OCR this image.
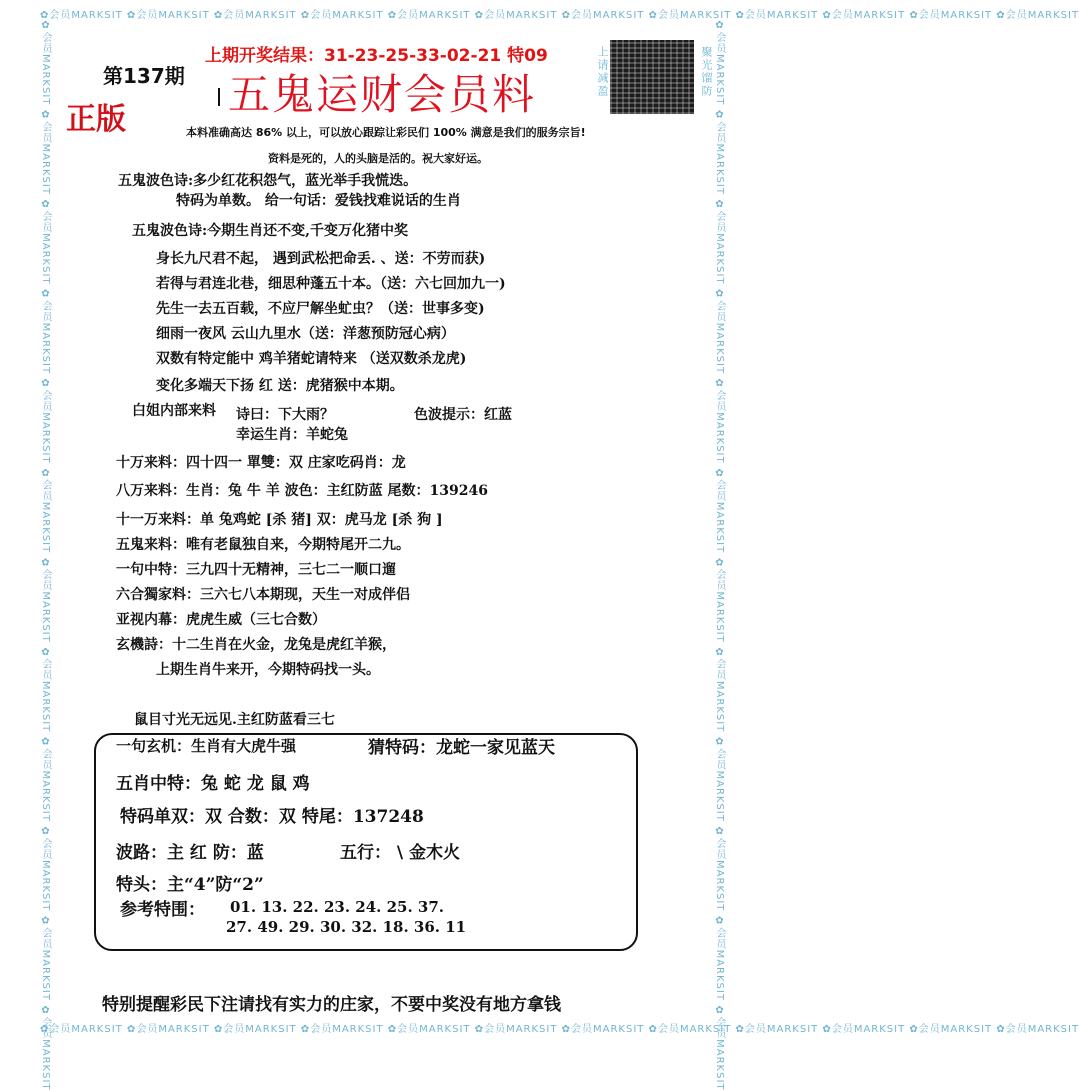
✿会员MARKSIT ✿会员MARKSIT ✿会员MARKSIT ✿会员MARKSIT ✿会员MARKSIT ✿会员MARKSIT ✿会员MARKSIT ✿会员MARKSIT ✿会员MARKSIT ✿会员MARKSIT ✿会员MARKSIT ✿会员MARKSIT
✿会员MARKSIT ✿会员MARKSIT ✿会员MARKSIT ✿会员MARKSIT ✿会员MARKSIT ✿会员MARKSIT ✿会员MARKSIT ✿会员MARKSIT ✿会员MARKSIT ✿会员MARKSIT ✿会员MARKSIT ✿会员MARKSIT
✿会员MARKSIT ✿会员MARKSIT ✿会员MARKSIT ✿会员MARKSIT ✿会员MARKSIT ✿会员MARKSIT ✿会员MARKSIT ✿会员MARKSIT ✿会员MARKSIT ✿会员MARKSIT ✿会员MARKSIT ✿会员MARKSIT	✿会员MARKSIT ✿会员MARKSIT ✿会员MARKSIT ✿会员MARKSIT ✿会员MARKSIT ✿会员MARKSIT ✿会员MARKSIT ✿会员MARKSIT ✿会员MARKSIT ✿会员MARKSIT ✿会员MARKSIT ✿会员MARKSIT
第137期
上期开奖结果：31-23-25-33-02-21 特09
五鬼运财会员料
正版
上请减盈	聚光馏防
本料准确高达 86% 以上，可以放心跟踪让彩民们 100% 满意是我们的服务宗旨!
资料是死的，人的头脑是活的。祝大家好运。
五鬼波色诗:多少红花积怨气，蓝光举手我慌迭。
特码为单数。 给一句话：爱钱找难说话的生肖
五鬼波色诗:今期生肖还不变,千变万化猪中奖
身长九尺君不起， 遇到武松把命丢. 、送：不劳而获)
若得与君连北巷，细思种蓬五十本。（送：六七回加九一)
先生一去五百载，不应尸解坐虻虫？（送：世事多变)
细雨一夜风 云山九里水（送：洋葱预防冠心病）
双数有特定能中 鸡羊猪蛇请特来 （送双数杀龙虎)
变化多端天下扬 红 送：虎猪猴中本期。
白姐内部来料 诗曰：下大雨？	色波提示：红蓝
幸运生肖：羊蛇兔
十万来料：四十四一 單雙：双 庄家吃码肖：龙
八万来料：生肖：兔 牛 羊 波色：主红防蓝 尾数：139246
十一万来料：单 兔鸡蛇 [杀 猪] 双：虎马龙 [杀 狗 ]
五鬼来料：唯有老鼠独自来，今期特尾开二九。
一句中特：三九四十无精神，三七二一顺口遛
六合獨家料：三六七八本期现，天生一对成伴侣
亚视内幕：虎虎生威（三七合数）
玄機詩：十二生肖在火金，龙兔是虎红羊猴，
上期生肖牛来开，今期特码找一头。
鼠目寸光无远见.主红防蓝看三七
一句玄机：生肖有大虎牛强	猜特码：龙蛇一家见蓝天
五肖中特：兔 蛇 龙 鼠 鸡
特码单双：双 合数：双 特尾：137248
波路：主 红 防：蓝	五行： \ 金木火
特头：主“4”防“2”
参考特围： 01. 13. 22. 23. 24. 25. 37.
27. 49. 29. 30. 32. 18. 36. 11
特别提醒彩民下注请找有实力的庄家，不要中奖没有地方拿钱
